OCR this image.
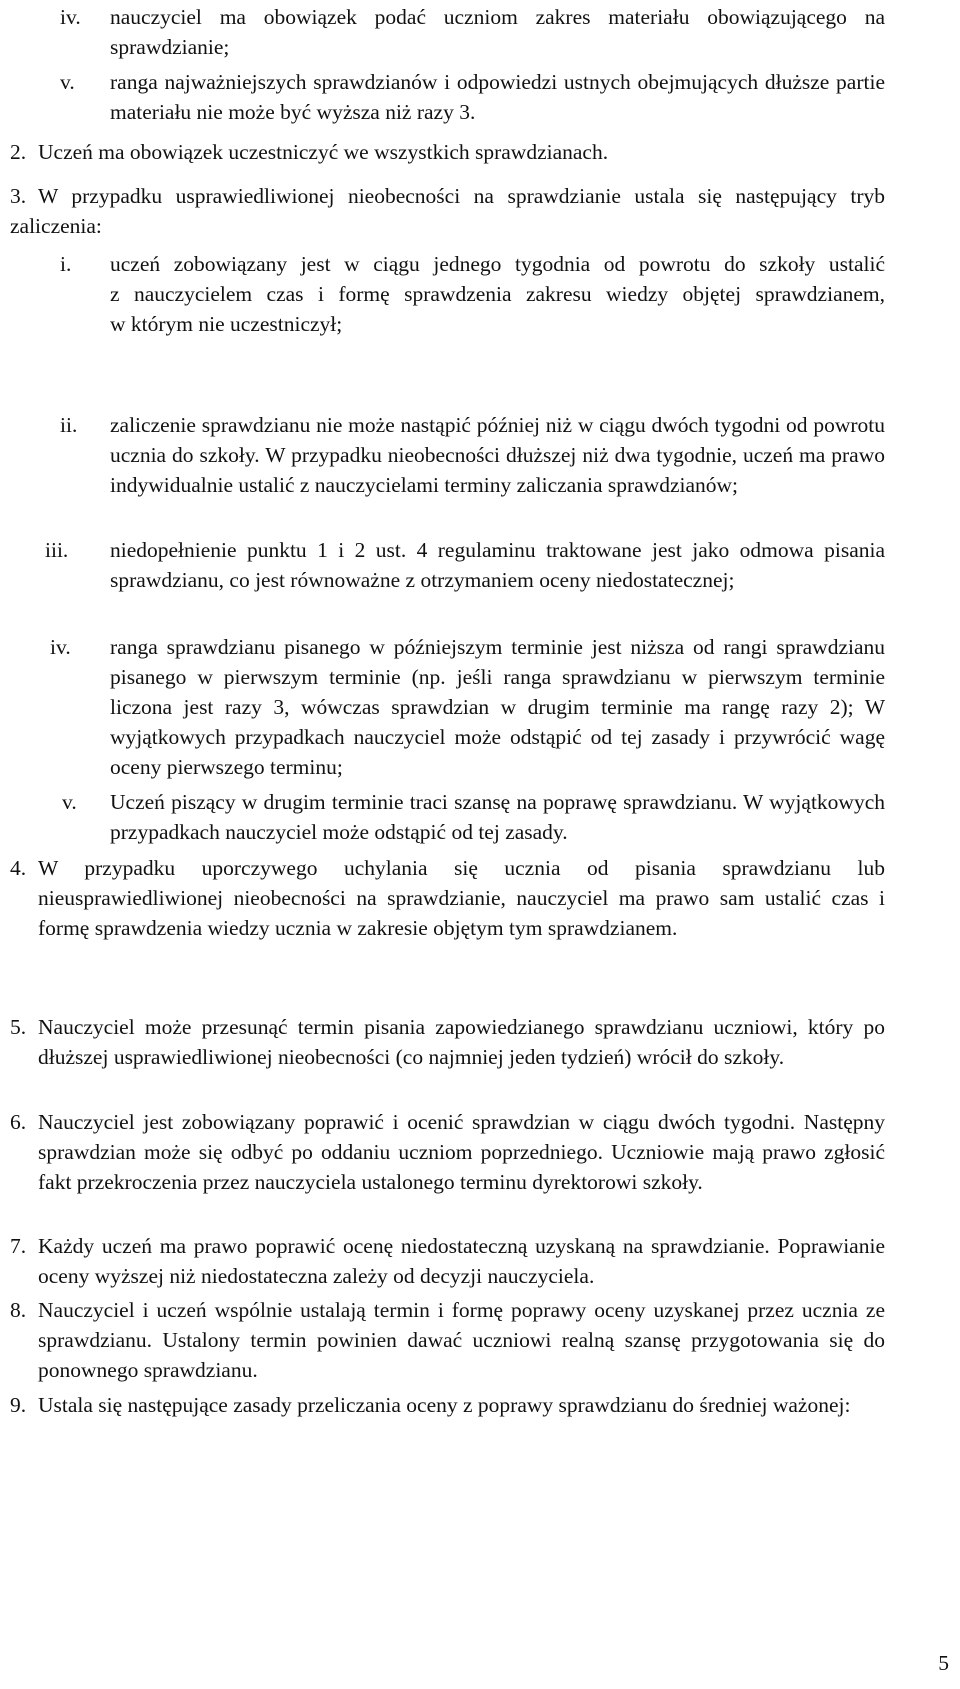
iv. nauczyciel ma obowiązek podać uczniom zakres materiału obowiązującego na sprawdzianie;
v. ranga najważniejszych sprawdzianów i odpowiedzi ustnych obejmujących dłuższe partie materiału nie może być wyższa niż razy 3.
2. Uczeń ma obowiązek uczestniczyć we wszystkich sprawdzianach.
3. W przypadku usprawiedliwionej nieobecności na sprawdzianie ustala się następujący tryb zaliczenia:
i. uczeń zobowiązany jest w ciągu jednego tygodnia od powrotu do szkoły ustalić
z nauczycielem czas i formę sprawdzenia zakresu wiedzy objętej sprawdzianem,
w którym nie uczestniczył;
ii. zaliczenie sprawdzianu nie może nastąpić później niż w ciągu dwóch tygodni od powrotu ucznia do szkoły. W przypadku nieobecności dłuższej niż dwa tygodnie, uczeń ma prawo indywidualnie ustalić z nauczycielami terminy zaliczania sprawdzianów;
iii. niedopełnienie punktu 1 i 2 ust. 4 regulaminu traktowane jest jako odmowa pisania sprawdzianu, co jest równoważne z otrzymaniem oceny niedostatecznej;
iv. ranga sprawdzianu pisanego w późniejszym terminie jest niższa od rangi sprawdzianu pisanego w pierwszym terminie (np. jeśli ranga sprawdzianu w pierwszym terminie liczona jest razy 3, wówczas sprawdzian w drugim terminie ma rangę razy 2); W wyjątkowych przypadkach nauczyciel może odstąpić od tej zasady i przywrócić wagę oceny pierwszego terminu;
v. Uczeń piszący w drugim terminie traci szansę na poprawę sprawdzianu. W wyjątkowych przypadkach nauczyciel może odstąpić od tej zasady.
4. W przypadku uporczywego uchylania się ucznia od pisania sprawdzianu lub nieusprawiedliwionej nieobecności na sprawdzianie, nauczyciel ma prawo sam ustalić czas i formę sprawdzenia wiedzy ucznia w zakresie objętym tym sprawdzianem.
5. Nauczyciel może przesunąć termin pisania zapowiedzianego sprawdzianu uczniowi, który po dłuższej usprawiedliwionej nieobecności (co najmniej jeden tydzień) wrócił do szkoły.
6. Nauczyciel jest zobowiązany poprawić i ocenić sprawdzian w ciągu dwóch tygodni. Następny sprawdzian może się odbyć po oddaniu uczniom poprzedniego. Uczniowie mają prawo zgłosić fakt przekroczenia przez nauczyciela ustalonego terminu dyrektorowi szkoły.
7. Każdy uczeń ma prawo poprawić ocenę niedostateczną uzyskaną na sprawdzianie. Poprawianie oceny wyższej niż niedostateczna zależy od decyzji nauczyciela.
8. Nauczyciel i uczeń wspólnie ustalają termin i formę poprawy oceny uzyskanej przez ucznia ze sprawdzianu. Ustalony termin powinien dawać uczniowi realną szansę przygotowania się do ponownego sprawdzianu.
9. Ustala się następujące zasady przeliczania oceny z poprawy sprawdzianu do średniej ważonej:
5
